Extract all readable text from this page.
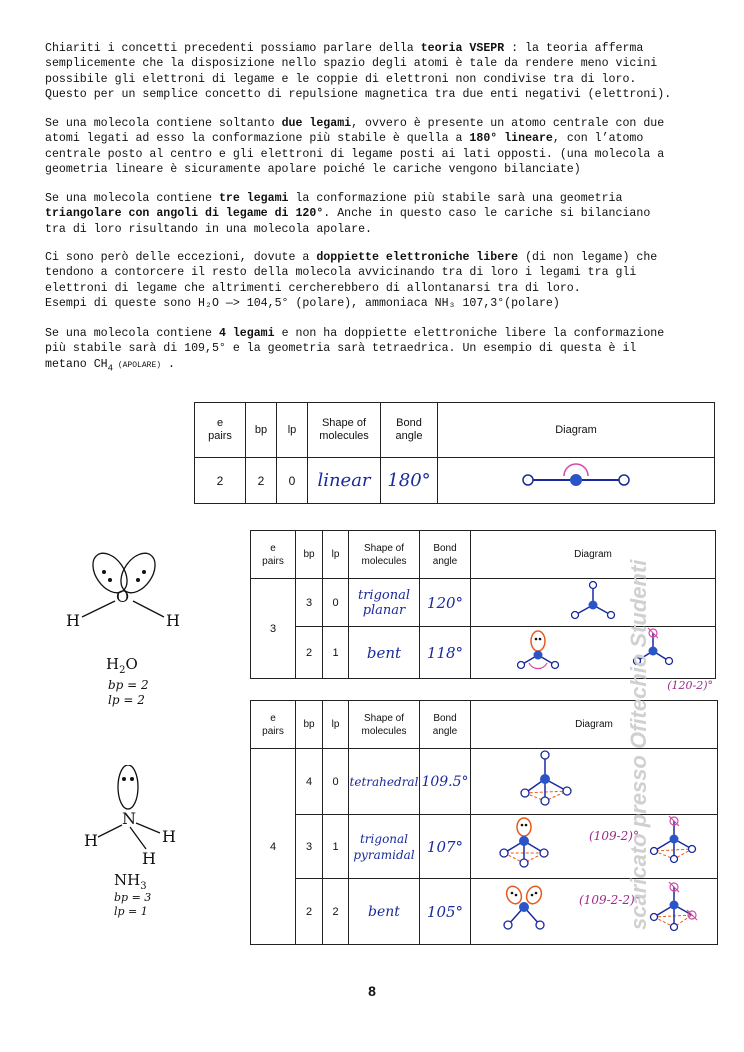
Chiariti i concetti precedenti possiamo parlare della teoria VSEPR : la teoria afferma
semplicemente che la disposizione nello spazio degli atomi è tale da rendere meno vicini
possibile gli elettroni di legame e le coppie di elettroni non condivise tra di loro.
Questo per un semplice concetto di repulsione magnetica tra due enti negativi (elettroni).
Se una molecola contiene soltanto due legami, ovvero è presente un atomo centrale con due
atomi legati ad esso la conformazione più stabile è quella a 180° lineare, con l’atomo
centrale posto al centro e gli elettroni di legame posti ai lati opposti. (una molecola a
geometria lineare è sicuramente apolare poiché le cariche vengono bilanciate)
Se una molecola contiene tre legami la conformazione più stabile sarà una geometria
triangolare con angoli di legame di 120°. Anche in questo caso le cariche si bilanciano
tra di loro risultando in una molecola apolare.
Ci sono però delle eccezioni, dovute a doppiette elettroniche libere (di non legame) che
tendono a contorcere il resto della molecola avvicinando tra di loro i legami tra gli
elettroni di legame che altrimenti cercherebbero di allontanarsi tra di loro.
Esempi di queste sono H₂O —> 104,5° (polare), ammoniaca NH₃ 107,3°(polare)
Se una molecola contiene 4 legami e non ha doppiette elettroniche libere la conformazione
più stabile sarà di 109,5° e la geometria sarà tetraedrica. Un esempio di questa è il
metano $CH_4$ (APOLARE) .
e
pairs	bp	lp	Shape of
molecules	Bond
angle	Diagram
2	2	0	linear	180°	
O
H	H
$H_2O$
bp = 2
lp = 2
e
pairs	bp	lp	Shape of
molecules	Bond
angle	Diagram
3	3	0	trigonal planar	120°	
	2	1	bent	118°	(120-2)°
N
H	H
H
$NH_3$
bp = 3
lp = 1
e
pairs	bp	lp	Shape of
molecules	Bond
angle	Diagram
4	4	0	tetrahedral	109.5°	
	3	1	trigonal pyramidal	107°	(109-2)°

	2	2	bent	105°	(109-2-2)°
scaricato presso Ofitechio Studenti
8
